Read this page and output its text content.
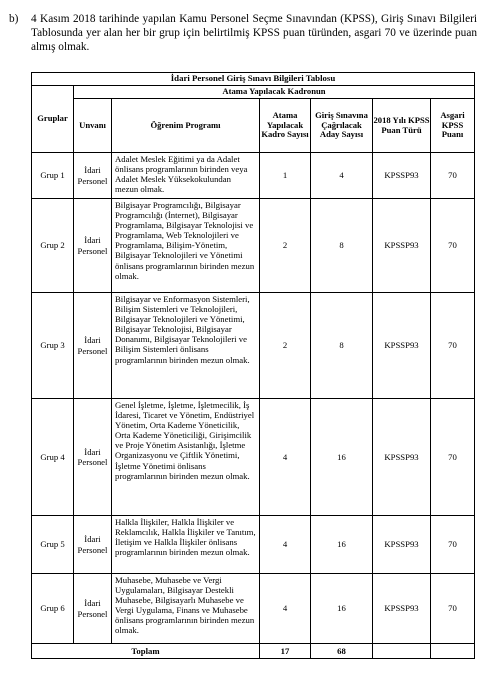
b) 4 Kasım 2018 tarihinde yapılan Kamu Personel Seçme Sınavından (KPSS), Giriş Sınavı Bilgileri Tablosunda yer alan her bir grup için belirtilmiş KPSS puan türünden, asgari 70 ve üzerinde puan almış olmak.

İdari Personel Giriş Sınavı Bilgileri Tablosu						
Gruplar	Atama Yapılacak Kadronun					
	Unvanı	Öğrenim Programı	Atama Yapılacak Kadro Sayısı	Giriş Sınavına Çağrılacak Aday Sayısı	2018 Yılı KPSS Puan Türü	Asgari KPSS Puanı
Grup 1	İdari Personel	Adalet Meslek Eğitimi ya da Adalet önlisans programlarının birinden veya Adalet Meslek Yüksekokulundan mezun olmak.	1	4	KPSSP93	70
Grup 2	İdari Personel	Bilgisayar Programcılığı, Bilgisayar Programcılığı (İnternet), Bilgisayar Programlama, Bilgisayar Teknolojisi ve Programlama, Web Teknolojileri ve Programlama, Bilişim-Yönetim, Bilgisayar Teknolojileri ve Yönetimi önlisans programlarının birinden mezun olmak.	2	8	KPSSP93	70
Grup 3	İdari Personel	Bilgisayar ve Enformasyon Sistemleri, Bilişim Sistemleri ve Teknolojileri, Bilgisayar Teknolojileri ve Yönetimi, Bilgisayar Teknolojisi, Bilgisayar Donanımı, Bilgisayar Teknolojileri ve Bilişim Sistemleri önlisans programlarının birinden mezun olmak.	2	8	KPSSP93	70
Grup 4	İdari Personel	Genel İşletme, İşletme, İşletmecilik, İş İdaresi, Ticaret ve Yönetim, Endüstriyel Yönetim, Orta Kademe Yöneticilik, Orta Kademe Yöneticiliği, Girişimcilik ve Proje Yönetim Asistanlığı, İşletme Organizasyonu ve Çiftlik Yönetimi, İşletme Yönetimi önlisans programlarının birinden mezun olmak.	4	16	KPSSP93	70
Grup 5	İdari Personel	Halkla İlişkiler, Halkla İlişkiler ve Reklamcılık, Halkla İlişkiler ve Tanıtım, İletişim ve Halkla İlişkiler önlisans programlarının birinden mezun olmak.	4	16	KPSSP93	70
Grup 6	İdari Personel	Muhasebe, Muhasebe ve Vergi Uygulamaları, Bilgisayar Destekli Muhasebe, Bilgisayarlı Muhasebe ve Vergi Uygulama, Finans ve Muhasebe önlisans programlarının birinden mezun olmak.	4	16	KPSSP93	70
Toplam			17	68		
